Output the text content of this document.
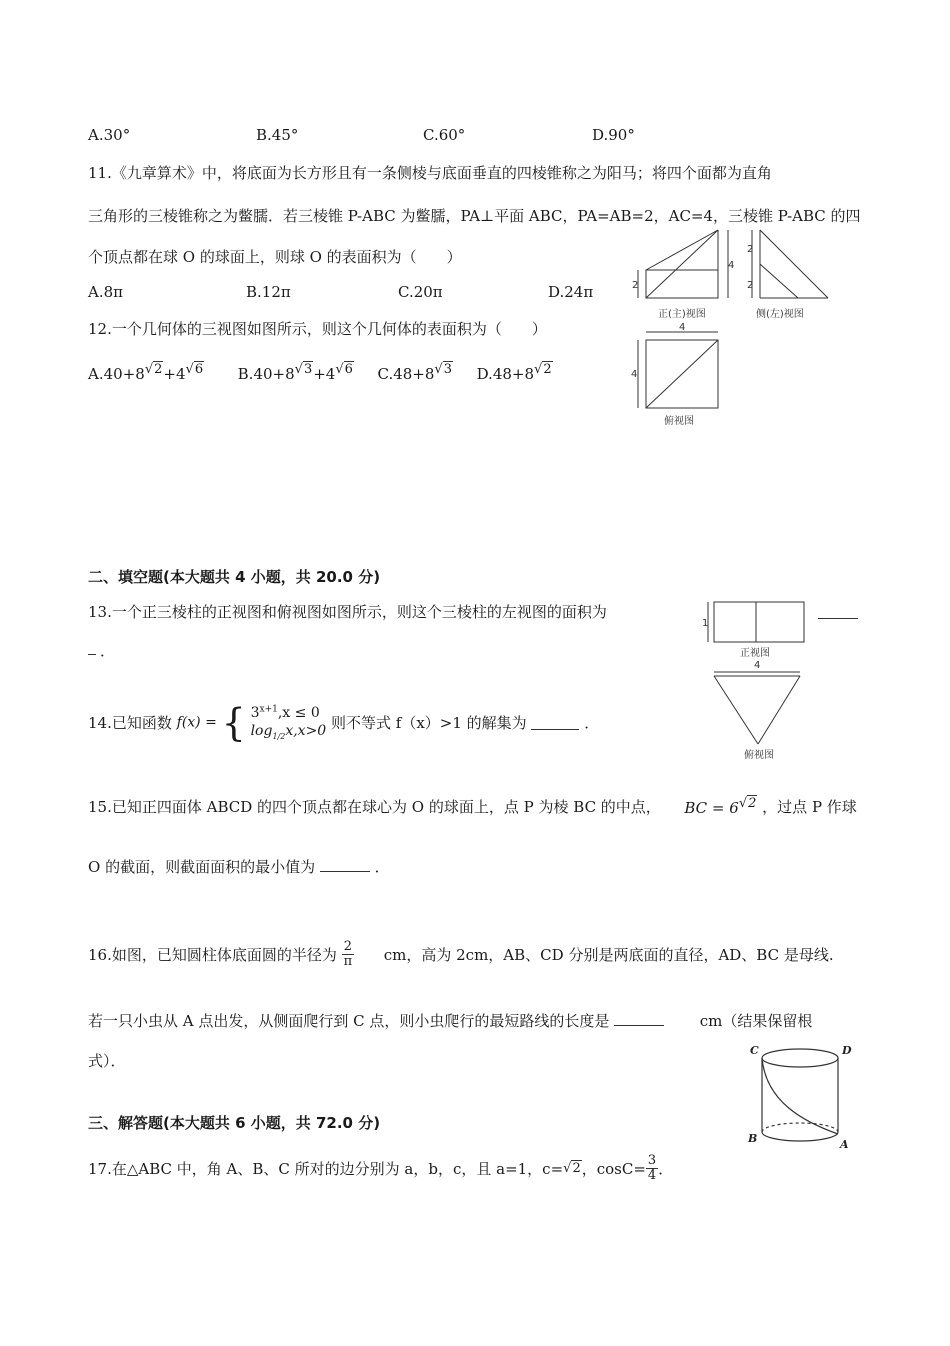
A.30°	B.45°	C.60°	D.90°
11.《九章算术》中，将底面为长方形且有一条侧棱与底面垂直的四棱锥称之为阳马；将四个面都为直角
三角形的三棱锥称之为鳖臑．若三棱锥 P-ABC 为鳖臑，PA⊥平面 ABC，PA=AB=2，AC=4，三棱锥 P-ABC 的四
个顶点都在球 O 的球面上，则球 O 的表面积为（　　）
A.8π	B.12π	C.20π	D.24π
12.一个几何体的三视图如图所示，则这个几何体的表面积为（　　）
A.40+8√2+4√6 B.40+8√3+4√6 C.48+8√3 D.48+8√2
4
2
正(主)视图
2
2
侧(左)视图
4
4
俯视图
二、填空题(本大题共 4 小题，共 20.0 分)
13.一个正三棱柱的正视图和俯视图如图所示，则这个三棱柱的左视图的面积为
．
1
正视图
4
俯视图
14.已知函数 f(x) = { $3^{x+1},x \le 0$
$\log_{1/2}x,x>0$ 则不等式 f（x）>1 的解集为	．
15.已知正四面体 ABCD 的四个顶点都在球心为 O 的球面上，点 P 为棱 BC 的中点， BC = 6√2 ，过点 P 作球
O 的截面，则截面面积的最小值为	．
16.如图，已知圆柱体底面圆的半径为 $\frac{2}{\pi}$ cm，高为 2cm，AB、CD 分别是两底面的直径，AD、BC 是母线.
若一只小虫从 A 点出发，从侧面爬行到 C 点，则小虫爬行的最短路线的长度是	cm（结果保留根
式）．
C	D
B	A
三、解答题(本大题共 6 小题，共 72.0 分)
17.在△ABC 中，角 A、B、C 所对的边分别为 a，b，c，且 a=1，c=√2，$\cos C= \frac{3}{4}$ ．
